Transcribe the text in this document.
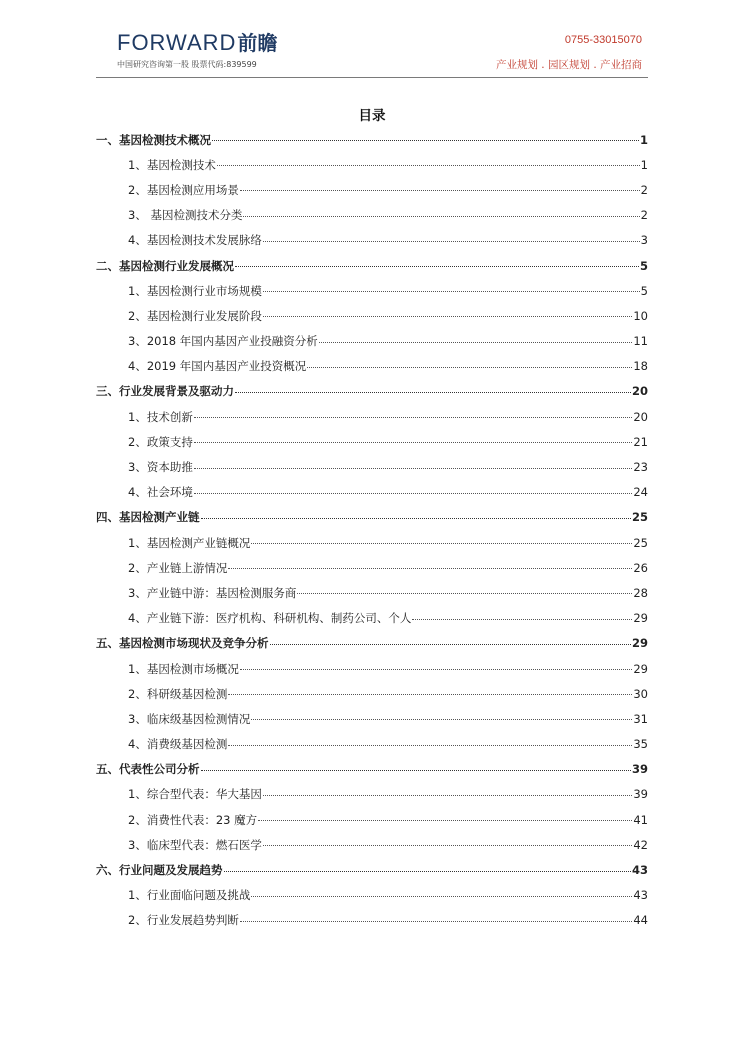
FORWARD 前瞻
中国研究咨询第一股 股票代码:839599
0755-33015070
产业规划 . 园区规划 . 产业招商
目录
一、基因检测技术概况	1
1、基因检测技术	1
2、基因检测应用场景	2
3、 基因检测技术分类	2
4、基因检测技术发展脉络	3
二、基因检测行业发展概况	5
1、基因检测行业市场规模	5
2、基因检测行业发展阶段	10
3、2018 年国内基因产业投融资分析	11
4、2019 年国内基因产业投资概况	18
三、行业发展背景及驱动力	20
1、技术创新	20
2、政策支持	21
3、资本助推	23
4、社会环境	24
四、基因检测产业链	25
1、基因检测产业链概况	25
2、产业链上游情况	26
3、产业链中游：基因检测服务商	28
4、产业链下游：医疗机构、科研机构、制药公司、个人	29
五、基因检测市场现状及竞争分析	29
1、基因检测市场概况	29
2、科研级基因检测	30
3、临床级基因检测情况	31
4、消费级基因检测	35
五、代表性公司分析	39
1、综合型代表：华大基因	39
2、消费性代表：23 魔方	41
3、临床型代表：燃石医学	42
六、行业问题及发展趋势	43
1、行业面临问题及挑战	43
2、行业发展趋势判断	44
